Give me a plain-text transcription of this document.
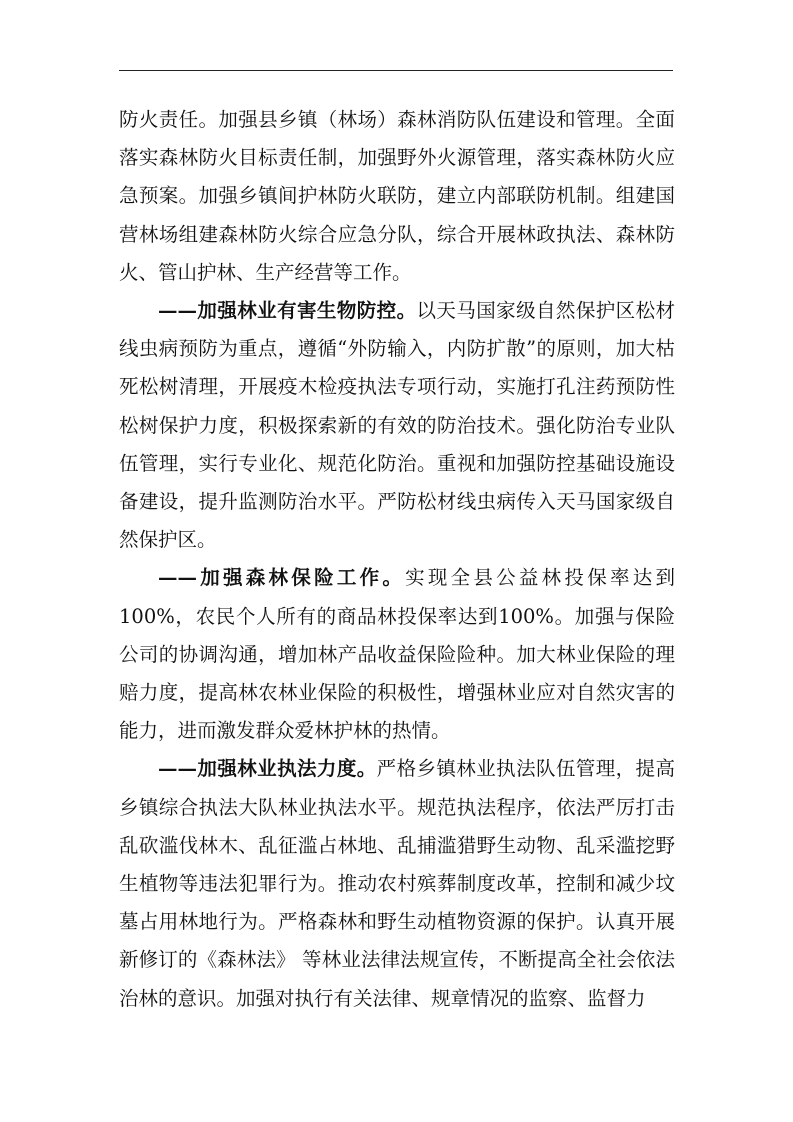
防火责任。加强县乡镇（林场）森林消防队伍建设和管理。全面落实森林防火目标责任制，加强野外火源管理，落实森林防火应急预案。加强乡镇间护林防火联防，建立内部联防机制。组建国营林场组建森林防火综合应急分队，综合开展林政执法、森林防火、管山护林、生产经营等工作。

——加强林业有害生物防控。以天马国家级自然保护区松材线虫病预防为重点，遵循“外防输入，内防扩散”的原则，加大枯死松树清理，开展疫木检疫执法专项行动，实施打孔注药预防性松树保护力度，积极探索新的有效的防治技术。强化防治专业队伍管理，实行专业化、规范化防治。重视和加强防控基础设施设备建设，提升监测防治水平。严防松材线虫病传入天马国家级自然保护区。

——加强森林保险工作。实现全县公益林投保率达到100%，农民个人所有的商品林投保率达到100%。加强与保险公司的协调沟通，增加林产品收益保险险种。加大林业保险的理赔力度，提高林农林业保险的积极性，增强林业应对自然灾害的能力，进而激发群众爱林护林的热情。

——加强林业执法力度。严格乡镇林业执法队伍管理，提高乡镇综合执法大队林业执法水平。规范执法程序，依法严厉打击乱砍滥伐林木、乱征滥占林地、乱捕滥猎野生动物、乱采滥挖野生植物等违法犯罪行为。推动农村殡葬制度改革，控制和减少坟墓占用林地行为。严格森林和野生动植物资源的保护。认真开展新修订的《森林法》 等林业法律法规宣传，不断提高全社会依法治林的意识。加强对执行有关法律、规章情况的监察、监督力
